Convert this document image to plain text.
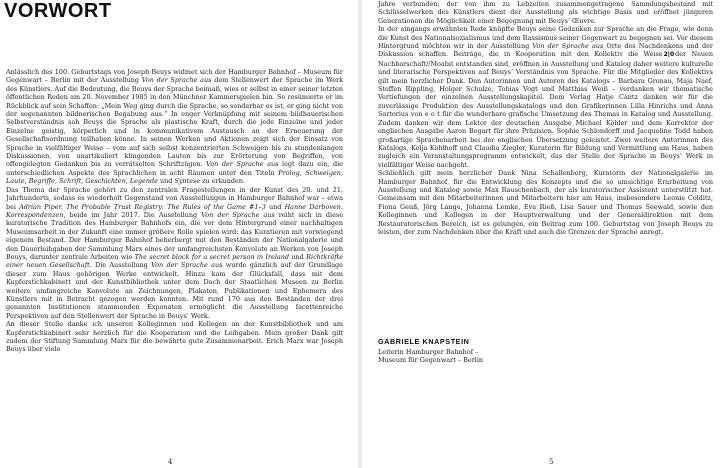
VORWORT

Anlässlich des 100. Geburtstags von Joseph Beuys widmet sich der Hamburger Bahnhof – Museum für Gegenwart – Berlin mit der Ausstellung Von der Sprache aus dem Stellenwert der Sprache im Werk des Künstlers. Auf die Bedeutung, die Beuys der Sprache beimaß, wies er selbst in einer seiner letzten öffentlichen Reden am 20. November 1985 in den Münchner Kammerspielen hin. So resümierte er im Rückblick auf sein Schaffen: „Mein Weg ging durch die Sprache, so sonderbar es ist, er ging nicht von der sogenannten bildnerischen Begabung aus.“ In enger Verknüpfung mit seinem bildhauerischen Selbstverständnis sah Beuys die Sprache als plastische Kraft, durch die jede Einzelne und jeder Einzelne geistig, körperlich und in kommunikativem Austausch an der Erneuerung der Gesellschaftsordnung teilhaben könne. In seinen Werken und Aktionen zeigt sich der Einsatz von Sprache in vielfältiger Weise – vom auf sich selbst konzentrierten Schweigen bis zu stundenlangen Diskussionen, von unartikuliert klingenden Lauten bis zur Erörterung von Begriffen, von offengelegten Gedanken bis zu verrätselten Schriftzügen. Von der Sprache aus legt dazu ein, die unterschiedlichen Aspekte des Sprachlichen in acht Räumen unter den Titeln Prolog, Schweigen, Laute, Begriffe, Schrift, Geschichten, Legende und Syntese zu erkunden.

Das Thema der Sprache gehört zu den zentralen Fragestellungen in der Kunst des 20. und 21. Jahrhunderts, sodass es wiederholt Gegenstand von Ausstellungen in Hamburger Bahnhof war – etwa bei Adrian Piper. The Probable Trust Registry: The Rules of the Game #1–3 und Hanne Darboven. Korrespondenzen, beide im Jahr 2017. Die Ausstellung Von der Sprache aus reiht sich in diese kuratorische Tradition des Hamburger Bahnhofs ein, die vor dem Hintergrund einer nachhaltigen Museumsarbeit in der Zukunft eine immer größere Rolle spielen wird: das Kuratieren mit vorwiegend eigenem Bestand. Der Hamburger Bahnhof beherbergt mit den Beständen der Nationalgalerie und den Dauerleihgaben der Sammlung Marx eines der umfangreichsten Konvolute an Werken von Joseph Beuys, darunter zentrale Arbeiten wie The secret block for a secret person in Ireland und Richtkräfte einer neuen Gesellschaft. Die Ausstellung Von der Sprache aus wurde gänzlich auf der Grundlage dieser zum Haus gehörigen Werke entwickelt. Hinzu kam der Glücksfall, dass mit dem Kupferstichkabinett und der Kunstbibliothek unter dem Dach der Staatlichen Museen zu Berlin weitere umfangreiche Konvolute an Zeichnungen, Plakaten, Publikationen und Ephemera des Künstlers mit in Betracht gezogen werden konnten. Mit rund 170 aus den Beständen der drei genannten Institutionen stammenden Exponaten ermöglicht die Ausstellung facettenreiche Perspektiven auf den Stellenwert der Sprache in Beuys’ Werk.

An dieser Stelle danke ich unseren Kolleginnen und Kollegen an der Kunstbibliothek und am Kupferstichkabinett sehr herzlich für die Kooperation und die Leihgaben. Mein großer Dank gilt zudem der Stiftung Sammlung Marx für die bewährte gute Zusammenarbeit. Erich Marx war Joseph Beuys über viele

4

Jahre verbunden; der von ihm zu Lebzeiten zusammengetragene Sammlungsbestand mit Schlüsselwerken des Künstlers dient der Ausstellung als wichtige Basis und eröffnet jüngeren Generationen die Möglichkeit einer Begegnung mit Beuys’ Œuvre.

In der eingangs erwähnten Rede knüpfte Beuys seine Gedanken zur Sprache an die Frage, wie denn die Kunst des Nationalsozialismus und dem Rassismus seiner Gegenwart zu begegnen sei. Vor diesem Hintergrund möchten wir in der Ausstellung Von der Sprache aus Orte des Nachdenkens und der Diskussion schaffen. Beiträge, die in Kooperation mit den Kollektiv die Weise2|0der Neuen Nachbarschaft//Moabit entstanden sind, eröffnen in Ausstellung und Katalog daher weitere kulturelle und literarische Perspektiven auf Beuys’ Verständnis von Sprache. Für die Mitglieder des Kollektivs gilt mein herzlicher Dank. Den Autorinnen und Autoren des Katalogs – Barbara Gronau, Maja Naef, Steffen Rippling, Holger Schulze, Tobias Vogt und Matthias Weiß – verdanken wir thematische Vertiefungen der einzelnen Ausstellungskapitel. Dem Verlag Hatje Cantz danken wir für die zuverlässige Produktion des Ausstellungskatalogs und den Grafikerinnen Lilla Hinrichs und Anna Sartorius von e o t für die wunderbare grafische Umsetzung des Themas in Katalog und Ausstellung. Zudem danken wir dem Lektor der deutschen Ausgabe Michael Köhler und dem Korrektor der englischen Ausgabe Aaron Bogart für ihre Präzision. Sophie Schlondorff und Jacqueline Todd haben großartige Sprachenarbeit bei der englischen Übersetzung geleistet. Zwei weitere Autorinnen des Katalogs, Kolja Kohlhoff und Claudia Ziegler, Kuratorin für Bildung und Vermittlung am Haus, haben zugleich ein Veranstaltungsprogramm entwickelt, das der Stelle der Sprache in Beuys’ Werk in vielfältiger Weise nachgeht.

Schließlich gilt mein herzlicher Dank Nina Schallenberg, Kuratorin der Nationalgalerie im Hamburger Bahnhof, für die Entwicklung des Konzepts und die so umsichtige Erarbeitung von Ausstellung und Katalog sowie Max Rauschenbach, der als kuratorischer Assistent unterstützt hat. Gemeinsam mit den Mitarbeiterinnen und Mitarbeitern hier am Haus, insbesondere Leonie Colditz, Fiona Geuß, Jörg Lange, Johanna Lemke, Eva Rieß, Lisa Sauer und Thomas Seewald, sowie den Kolleginnen und Kollegen in der Hauptverwaltung und der Generaldirektion mit dem Restauratorischen Bereich, ist es gelungen, ein Beitrag zum 100. Geburtstag von Joseph Beuys zu leisten, der zum Nachdenken über die Kraft und auch die Grenzen der Sprache anregt.

GABRIELE KNAPSTEIN

Leiterin Hamburger Bahnhof –

Museum für Gegenwart – Berlin

5
